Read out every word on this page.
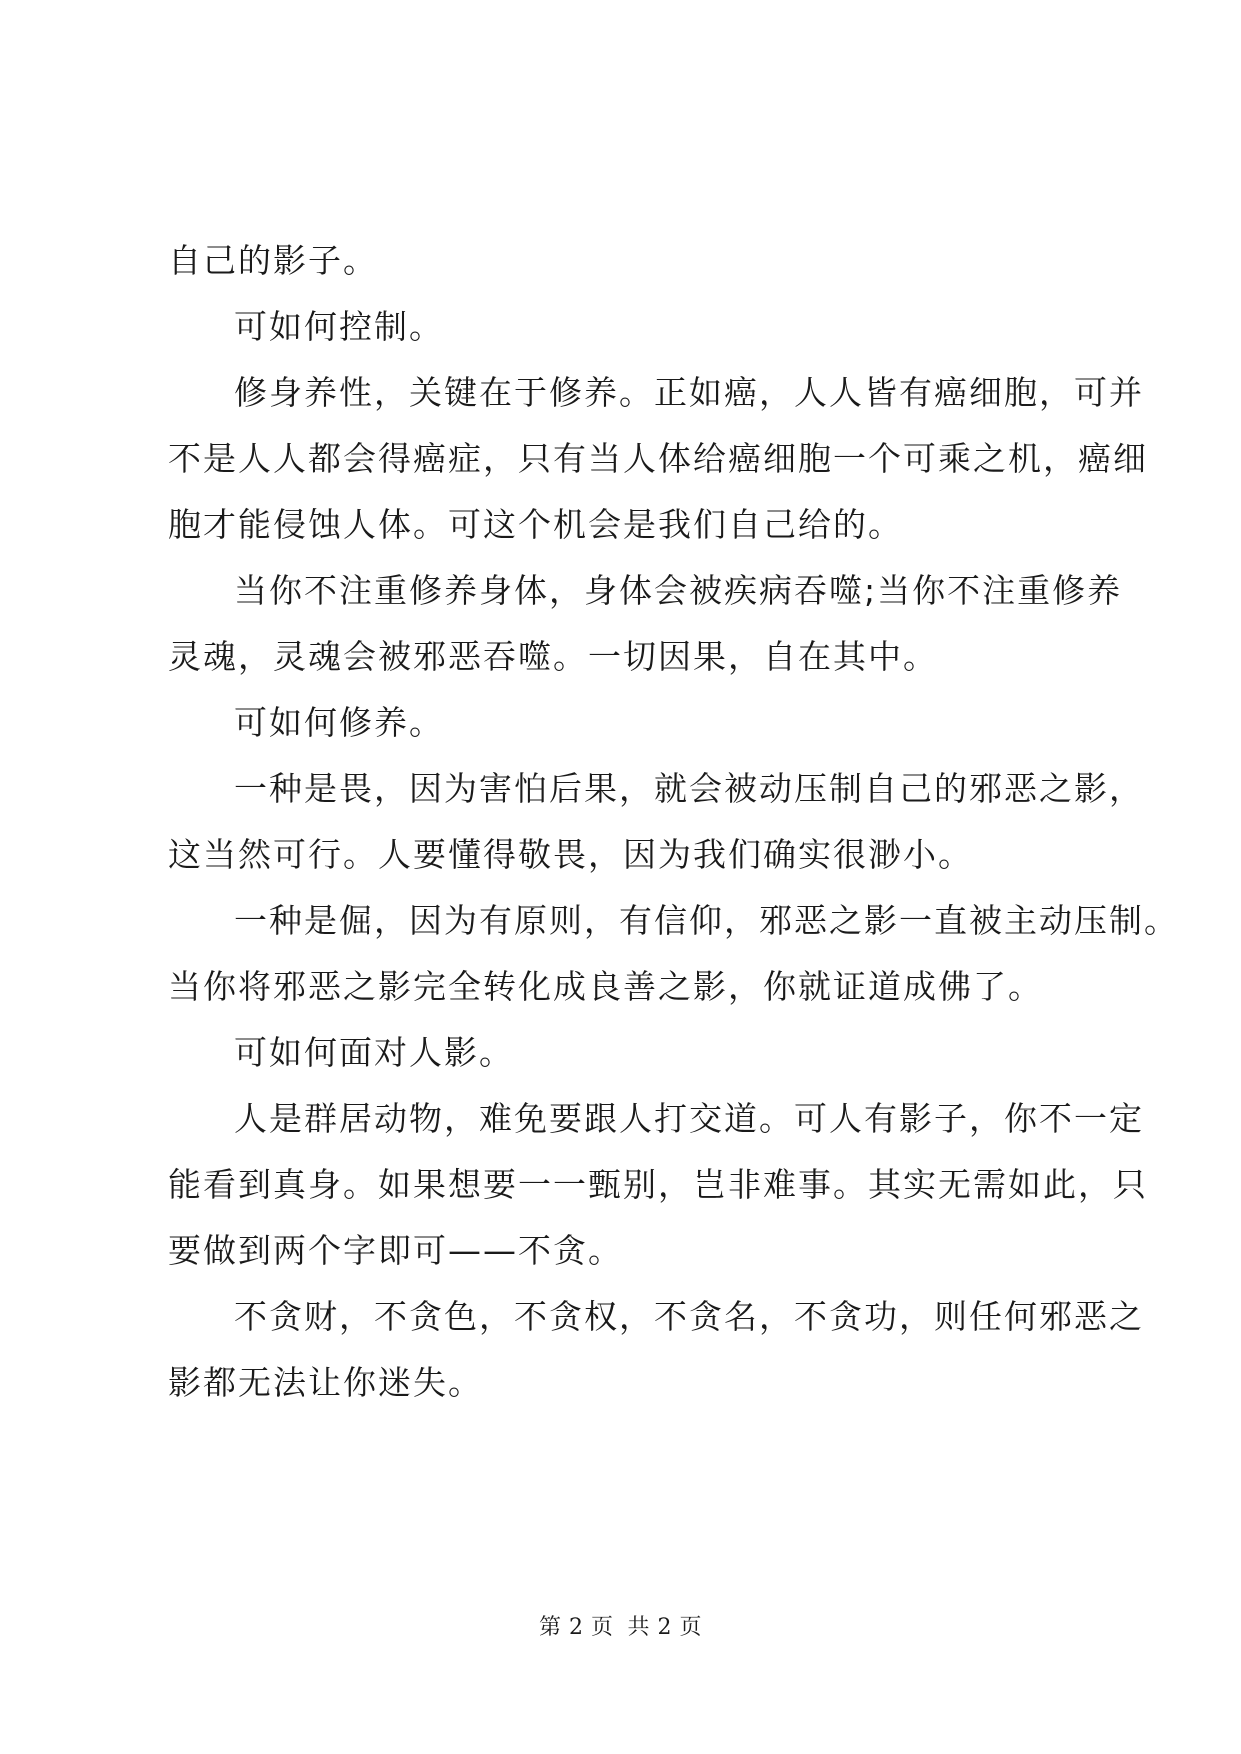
自己的影子。
可如何控制。
修身养性，关键在于修养。正如癌，人人皆有癌细胞，可并
不是人人都会得癌症，只有当人体给癌细胞一个可乘之机，癌细
胞才能侵蚀人体。可这个机会是我们自己给的。
当你不注重修养身体，身体会被疾病吞噬;当你不注重修养
灵魂，灵魂会被邪恶吞噬。一切因果，自在其中。
可如何修养。
一种是畏，因为害怕后果，就会被动压制自己的邪恶之影，
这当然可行。人要懂得敬畏，因为我们确实很渺小。
一种是倔，因为有原则，有信仰，邪恶之影一直被主动压制。
当你将邪恶之影完全转化成良善之影，你就证道成佛了。
可如何面对人影。
人是群居动物，难免要跟人打交道。可人有影子，你不一定
能看到真身。如果想要一一甄别，岂非难事。其实无需如此，只
要做到两个字即可——不贪。
不贪财，不贪色，不贪权，不贪名，不贪功，则任何邪恶之
影都无法让你迷失。
第 2 页 共 2 页
